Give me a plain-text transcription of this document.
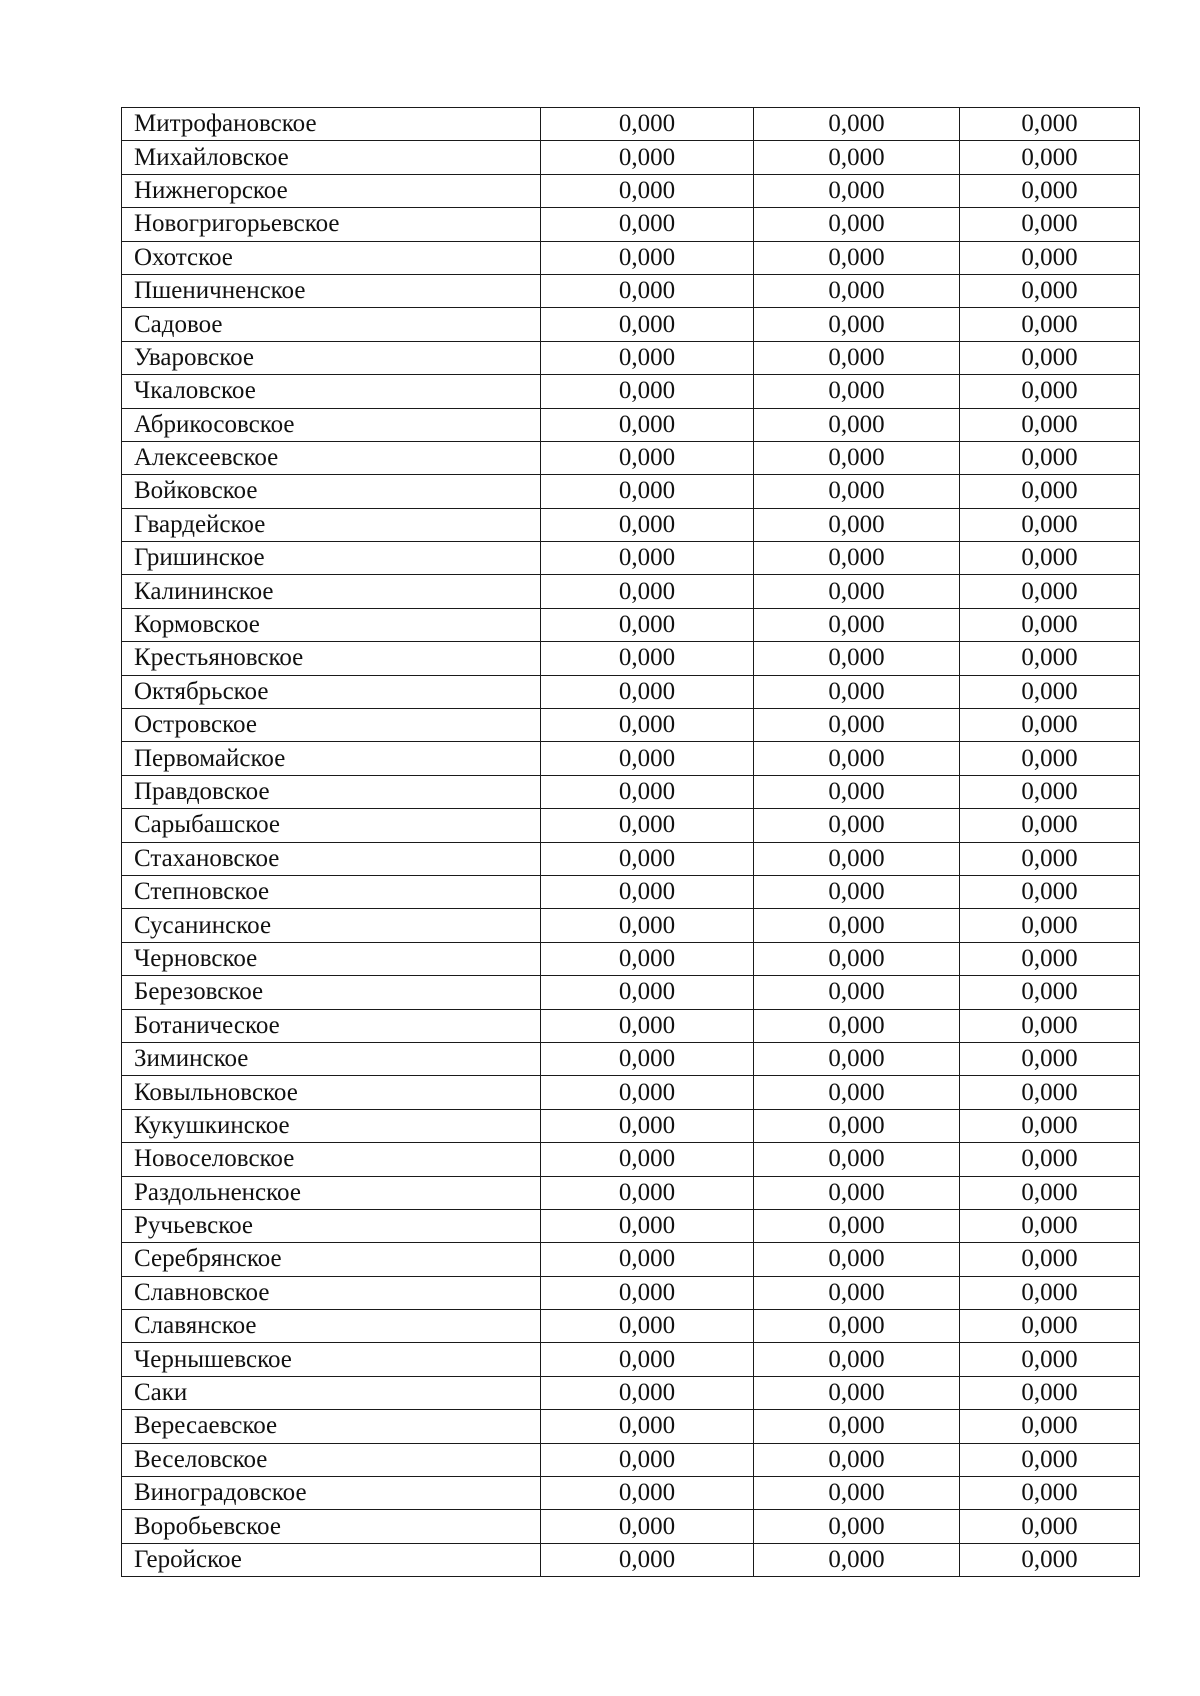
Митрофановское	0,000	0,000	0,000
Михайловское	0,000	0,000	0,000
Нижнегорское	0,000	0,000	0,000
Новогригорьевское	0,000	0,000	0,000
Охотское	0,000	0,000	0,000
Пшеничненское	0,000	0,000	0,000
Садовое	0,000	0,000	0,000
Уваровское	0,000	0,000	0,000
Чкаловское	0,000	0,000	0,000
Абрикосовское	0,000	0,000	0,000
Алексеевское	0,000	0,000	0,000
Войковское	0,000	0,000	0,000
Гвардейское	0,000	0,000	0,000
Гришинское	0,000	0,000	0,000
Калининское	0,000	0,000	0,000
Кормовское	0,000	0,000	0,000
Крестьяновское	0,000	0,000	0,000
Октябрьское	0,000	0,000	0,000
Островское	0,000	0,000	0,000
Первомайское	0,000	0,000	0,000
Правдовское	0,000	0,000	0,000
Сарыбашское	0,000	0,000	0,000
Стахановское	0,000	0,000	0,000
Степновское	0,000	0,000	0,000
Сусанинское	0,000	0,000	0,000
Черновское	0,000	0,000	0,000
Березовское	0,000	0,000	0,000
Ботаническое	0,000	0,000	0,000
Зиминское	0,000	0,000	0,000
Ковыльновское	0,000	0,000	0,000
Кукушкинское	0,000	0,000	0,000
Новоселовское	0,000	0,000	0,000
Раздольненское	0,000	0,000	0,000
Ручьевское	0,000	0,000	0,000
Серебрянское	0,000	0,000	0,000
Славновское	0,000	0,000	0,000
Славянское	0,000	0,000	0,000
Чернышевское	0,000	0,000	0,000
Саки	0,000	0,000	0,000
Вересаевское	0,000	0,000	0,000
Веселовское	0,000	0,000	0,000
Виноградовское	0,000	0,000	0,000
Воробьевское	0,000	0,000	0,000
Геройское	0,000	0,000	0,000
